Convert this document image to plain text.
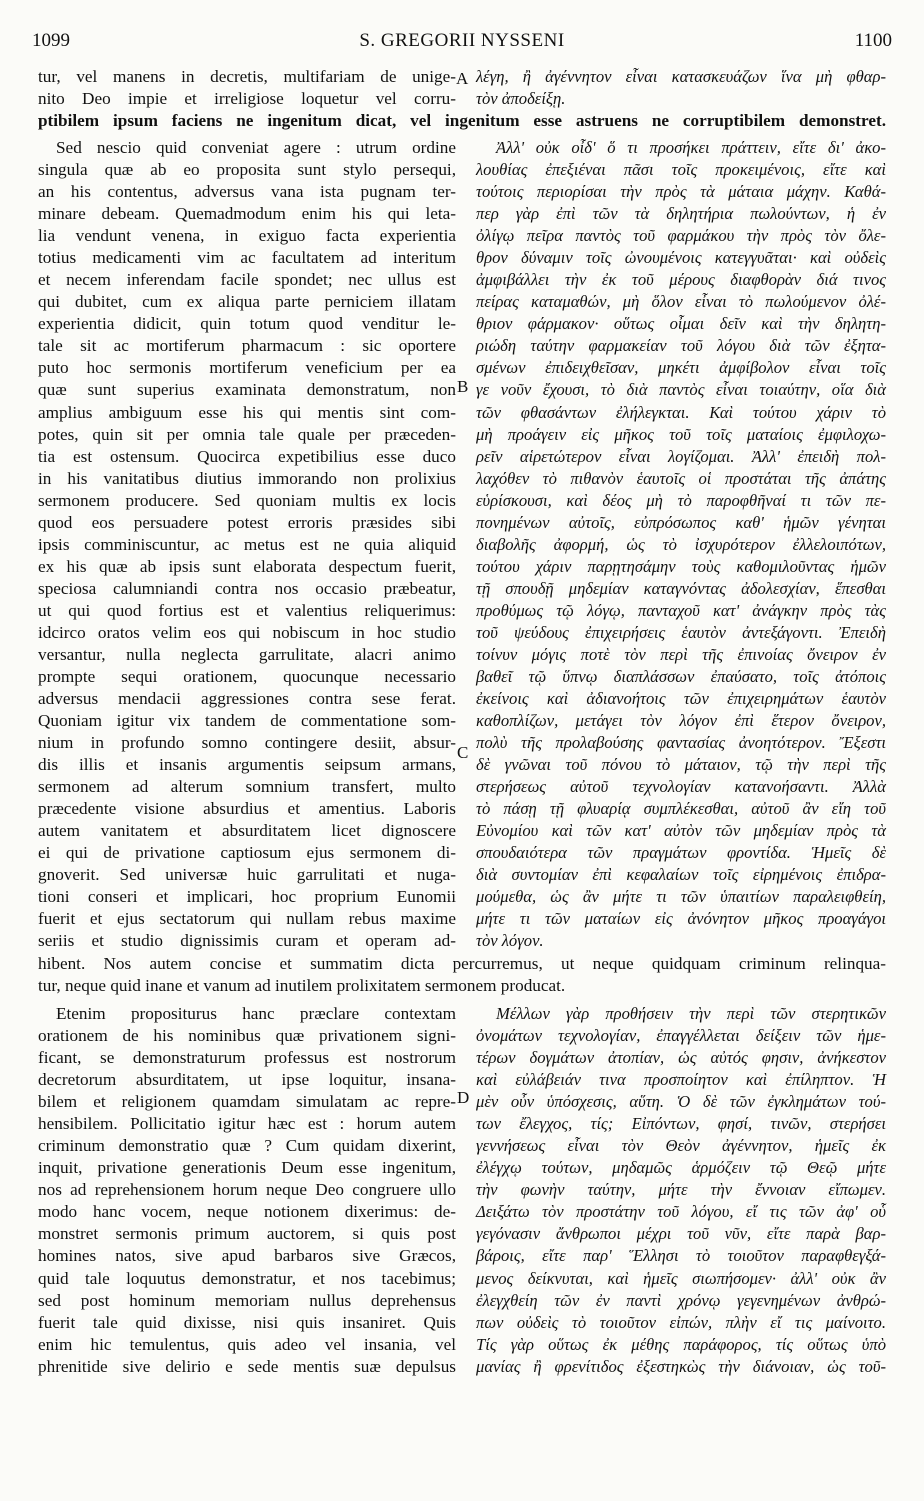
1099	S. GREGORII NYSSENI	1100
tur, vel manens in decretis, multifariam de unige-
nito Deo impie et irreligiose loquetur vel corru-
λέγη, ἢ ἀγέννητον εἶναι κατασκευάζων ἵνα μὴ φθαρ-
τὸν ἀποδείξῃ.
ptibilem ipsum faciens ne ingenitum dicat, vel ingenitum esse astruens ne corruptibilem demonstret.
Sed nescio quid conveniat agere : utrum ordine
singula quæ ab eo proposita sunt stylo persequi,
an his contentus, adversus vana ista pugnam ter-
minare debeam. Quemadmodum enim his qui leta-
lia vendunt venena, in exiguo facta experientia
totius medicamenti vim ac facultatem ad interitum
et necem inferendam facile spondet; nec ullus est
qui dubitet, cum ex aliqua parte perniciem illatam
experientia didicit, quin totum quod venditur le-
tale sit ac mortiferum pharmacum : sic oportere
puto hoc sermonis mortiferum veneficium per ea
quæ sunt superius examinata demonstratum, non
amplius ambiguum esse his qui mentis sint com-
potes, quin sit per omnia tale quale per præceden-
tia est ostensum. Quocirca expetibilius esse duco
in his vanitatibus diutius immorando non prolixius
sermonem producere. Sed quoniam multis ex locis
quod eos persuadere potest erroris præsides sibi
ipsis comminiscuntur, ac metus est ne quia aliquid
ex his quæ ab ipsis sunt elaborata despectum fuerit,
speciosa calumniandi contra nos occasio præbeatur,
ut qui quod fortius est et valentius reliquerimus:
idcirco oratos velim eos qui nobiscum in hoc studio
versantur, nulla neglecta garrulitate, alacri animo
prompte sequi orationem, quocunque necessario
adversus mendacii aggressiones contra sese ferat.
Quoniam igitur vix tandem de commentatione som-
nium in profundo somno contingere desiit, absur-
dis illis et insanis argumentis seipsum armans,
sermonem ad alterum somnium transfert, multo
præcedente visione absurdius et amentius. Laboris
autem vanitatem et absurditatem licet dignoscere
ei qui de privatione captiosum ejus sermonem di-
gnoverit. Sed universæ huic garrulitati et nuga-
tioni conseri et implicari, hoc proprium Eunomii
fuerit et ejus sectatorum qui nullam rebus maxime
seriis et studio dignissimis curam et operam ad-
Ἀλλ' οὐκ οἶδ' ὅ τι προσήκει πράττειν, εἴτε δι' ἀκο-
λουθίας ἐπεξιέναι πᾶσι τοῖς προκειμένοις, εἴτε καὶ
τούτοις περιορίσαι τὴν πρὸς τὰ μάταια μάχην. Καθά-
περ γὰρ ἐπὶ τῶν τὰ δηλητήρια πωλούντων, ἡ ἐν
ὀλίγῳ πεῖρα παντὸς τοῦ φαρμάκου τὴν πρὸς τὸν ὄλε-
θρον δύναμιν τοῖς ὠνουμένοις κατεγγυᾶται· καὶ οὐδεὶς
ἀμφιβάλλει τὴν ἐκ τοῦ μέρους διαφθορὰν διά τινος
πείρας καταμαθών, μὴ ὅλον εἶναι τὸ πωλούμενον ὀλέ-
θριον φάρμακον· οὕτως οἶμαι δεῖν καὶ τὴν δηλητη-
ριώδη ταύτην φαρμακείαν τοῦ λόγου διὰ τῶν ἐξητα-
σμένων ἐπιδειχθεῖσαν, μηκέτι ἀμφίβολον εἶναι τοῖς
γε νοῦν ἔχουσι, τὸ διὰ παντὸς εἶναι τοιαύτην, οἵα διὰ
τῶν φθασάντων ἐλήλεγκται. Καὶ τούτου χάριν τὸ
μὴ προάγειν εἰς μῆκος τοῦ τοῖς ματαίοις ἐμφιλοχω-
ρεῖν αἱρετώτερον εἶναι λογίζομαι. Ἀλλ' ἐπειδὴ πολ-
λαχόθεν τὸ πιθανὸν ἑαυτοῖς οἱ προστάται τῆς ἀπάτης
εὑρίσκουσι, καὶ δέος μὴ τὸ παροφθῆναί τι τῶν πε-
πονημένων αὐτοῖς, εὐπρόσωπος καθ' ἡμῶν γένηται
διαβολῆς ἀφορμή, ὡς τὸ ἰσχυρότερον ἐλλελοιπότων,
τούτου χάριν παρῃτησάμην τοὺς καθομιλοῦντας ἡμῶν
τῇ σπουδῇ μηδεμίαν καταγνόντας ἀδολεσχίαν, ἕπεσθαι
προθύμως τῷ λόγῳ, πανταχοῦ κατ' ἀνάγκην πρὸς τὰς
τοῦ ψεύδους ἐπιχειρήσεις ἑαυτὸν ἀντεξάγοντι. Ἐπειδὴ
τοίνυν μόγις ποτὲ τὸν περὶ τῆς ἐπινοίας ὄνειρον ἐν
βαθεῖ τῷ ὕπνῳ διαπλάσσων ἐπαύσατο, τοῖς ἀτόποις
ἐκείνοις καὶ ἀδιανοήτοις τῶν ἐπιχειρημάτων ἑαυτὸν
καθοπλίζων, μετάγει τὸν λόγον ἐπὶ ἕτερον ὄνειρον,
πολὺ τῆς προλαβούσης φαντασίας ἀνοητότερον. Ἔξεστι
δὲ γνῶναι τοῦ πόνου τὸ μάταιον, τῷ τὴν περὶ τῆς
στερήσεως αὐτοῦ τεχνολογίαν κατανοήσαντι. Ἀλλὰ
τὸ πάσῃ τῇ φλυαρίᾳ συμπλέκεσθαι, αὐτοῦ ἂν εἴη τοῦ
Εὐνομίου καὶ τῶν κατ' αὐτὸν τῶν μηδεμίαν πρὸς τὰ
σπουδαιότερα τῶν πραγμάτων φροντίδα. Ἡμεῖς δὲ
διὰ συντομίαν ἐπὶ κεφαλαίων τοῖς εἰρημένοις ἐπιδρα-
μούμεθα, ὡς ἂν μήτε τι τῶν ὑπαιτίων παραλειφθείη,
μήτε τι τῶν ματαίων εἰς ἀνόνητον μῆκος προαγάγοι
τὸν λόγον.
hibent. Nos autem concise et summatim dicta percurremus, ut neque quidquam criminum relinqua-
tur, neque quid inane et vanum ad inutilem prolixitatem sermonem producat.
Etenim propositurus hanc præclare contextam
orationem de his nominibus quæ privationem signi-
ficant, se demonstraturum professus est nostrorum
decretorum absurditatem, ut ipse loquitur, insana-
bilem et religionem quamdam simulatam ac repre-
hensibilem. Pollicitatio igitur hæc est : horum autem
criminum demonstratio quæ ? Cum quidam dixerint,
inquit, privatione generationis Deum esse ingenitum,
nos ad reprehensionem horum neque Deo congruere ullo
modo hanc vocem, neque notionem dixerimus: de-
monstret sermonis primum auctorem, si quis post
homines natos, sive apud barbaros sive Græcos,
quid tale loquutus demonstratur, et nos tacebimus;
sed post hominum memoriam nullus deprehensus
fuerit tale quid dixisse, nisi quis insaniret. Quis
enim hic temulentus, quis adeo vel insania, vel
phrenitide sive delirio e sede mentis suæ depulsus
Μέλλων γὰρ προθήσειν τὴν περὶ τῶν στερητικῶν
ὀνομάτων τεχνολογίαν, ἐπαγγέλλεται δείξειν τῶν ἡμε-
τέρων δογμάτων ἀτοπίαν, ὡς αὐτός φησιν, ἀνήκεστον
καὶ εὐλάβειάν τινα προσποίητον καὶ ἐπίληπτον. Ἡ
μὲν οὖν ὑπόσχεσις, αὕτη. Ὁ δὲ τῶν ἐγκλημάτων τού-
των ἔλεγχος, τίς; Εἰπόντων, φησί, τινῶν, στερήσει
γεννήσεως εἶναι τὸν Θεὸν ἀγέννητον, ἡμεῖς ἐκ
ἐλέγχῳ τούτων, μηδαμῶς ἁρμόζειν τῷ Θεῷ μήτε
τὴν φωνὴν ταύτην, μήτε τὴν ἔννοιαν εἴπωμεν.
Δειξάτω τὸν προστάτην τοῦ λόγου, εἴ τις τῶν ἀφ' οὗ
γεγόνασιν ἄνθρωποι μέχρι τοῦ νῦν, εἴτε παρὰ βαρ-
βάροις, εἴτε παρ' Ἕλλησι τὸ τοιοῦτον παραφθεγξά-
μενος δείκνυται, καὶ ἡμεῖς σιωπήσομεν· ἀλλ' οὐκ ἂν
ἐλεγχθείη τῶν ἐν παντὶ χρόνῳ γεγενημένων ἀνθρώ-
πων οὐδεὶς τὸ τοιοῦτον εἰπών, πλὴν εἴ τις μαίνοιτο.
Τίς γὰρ οὕτως ἐκ μέθης παράφορος, τίς οὕτως ὑπὸ
μανίας ἢ φρενίτιδος ἐξεστηκὼς τὴν διάνοιαν, ὡς τοῦ-
A
B
C
D
